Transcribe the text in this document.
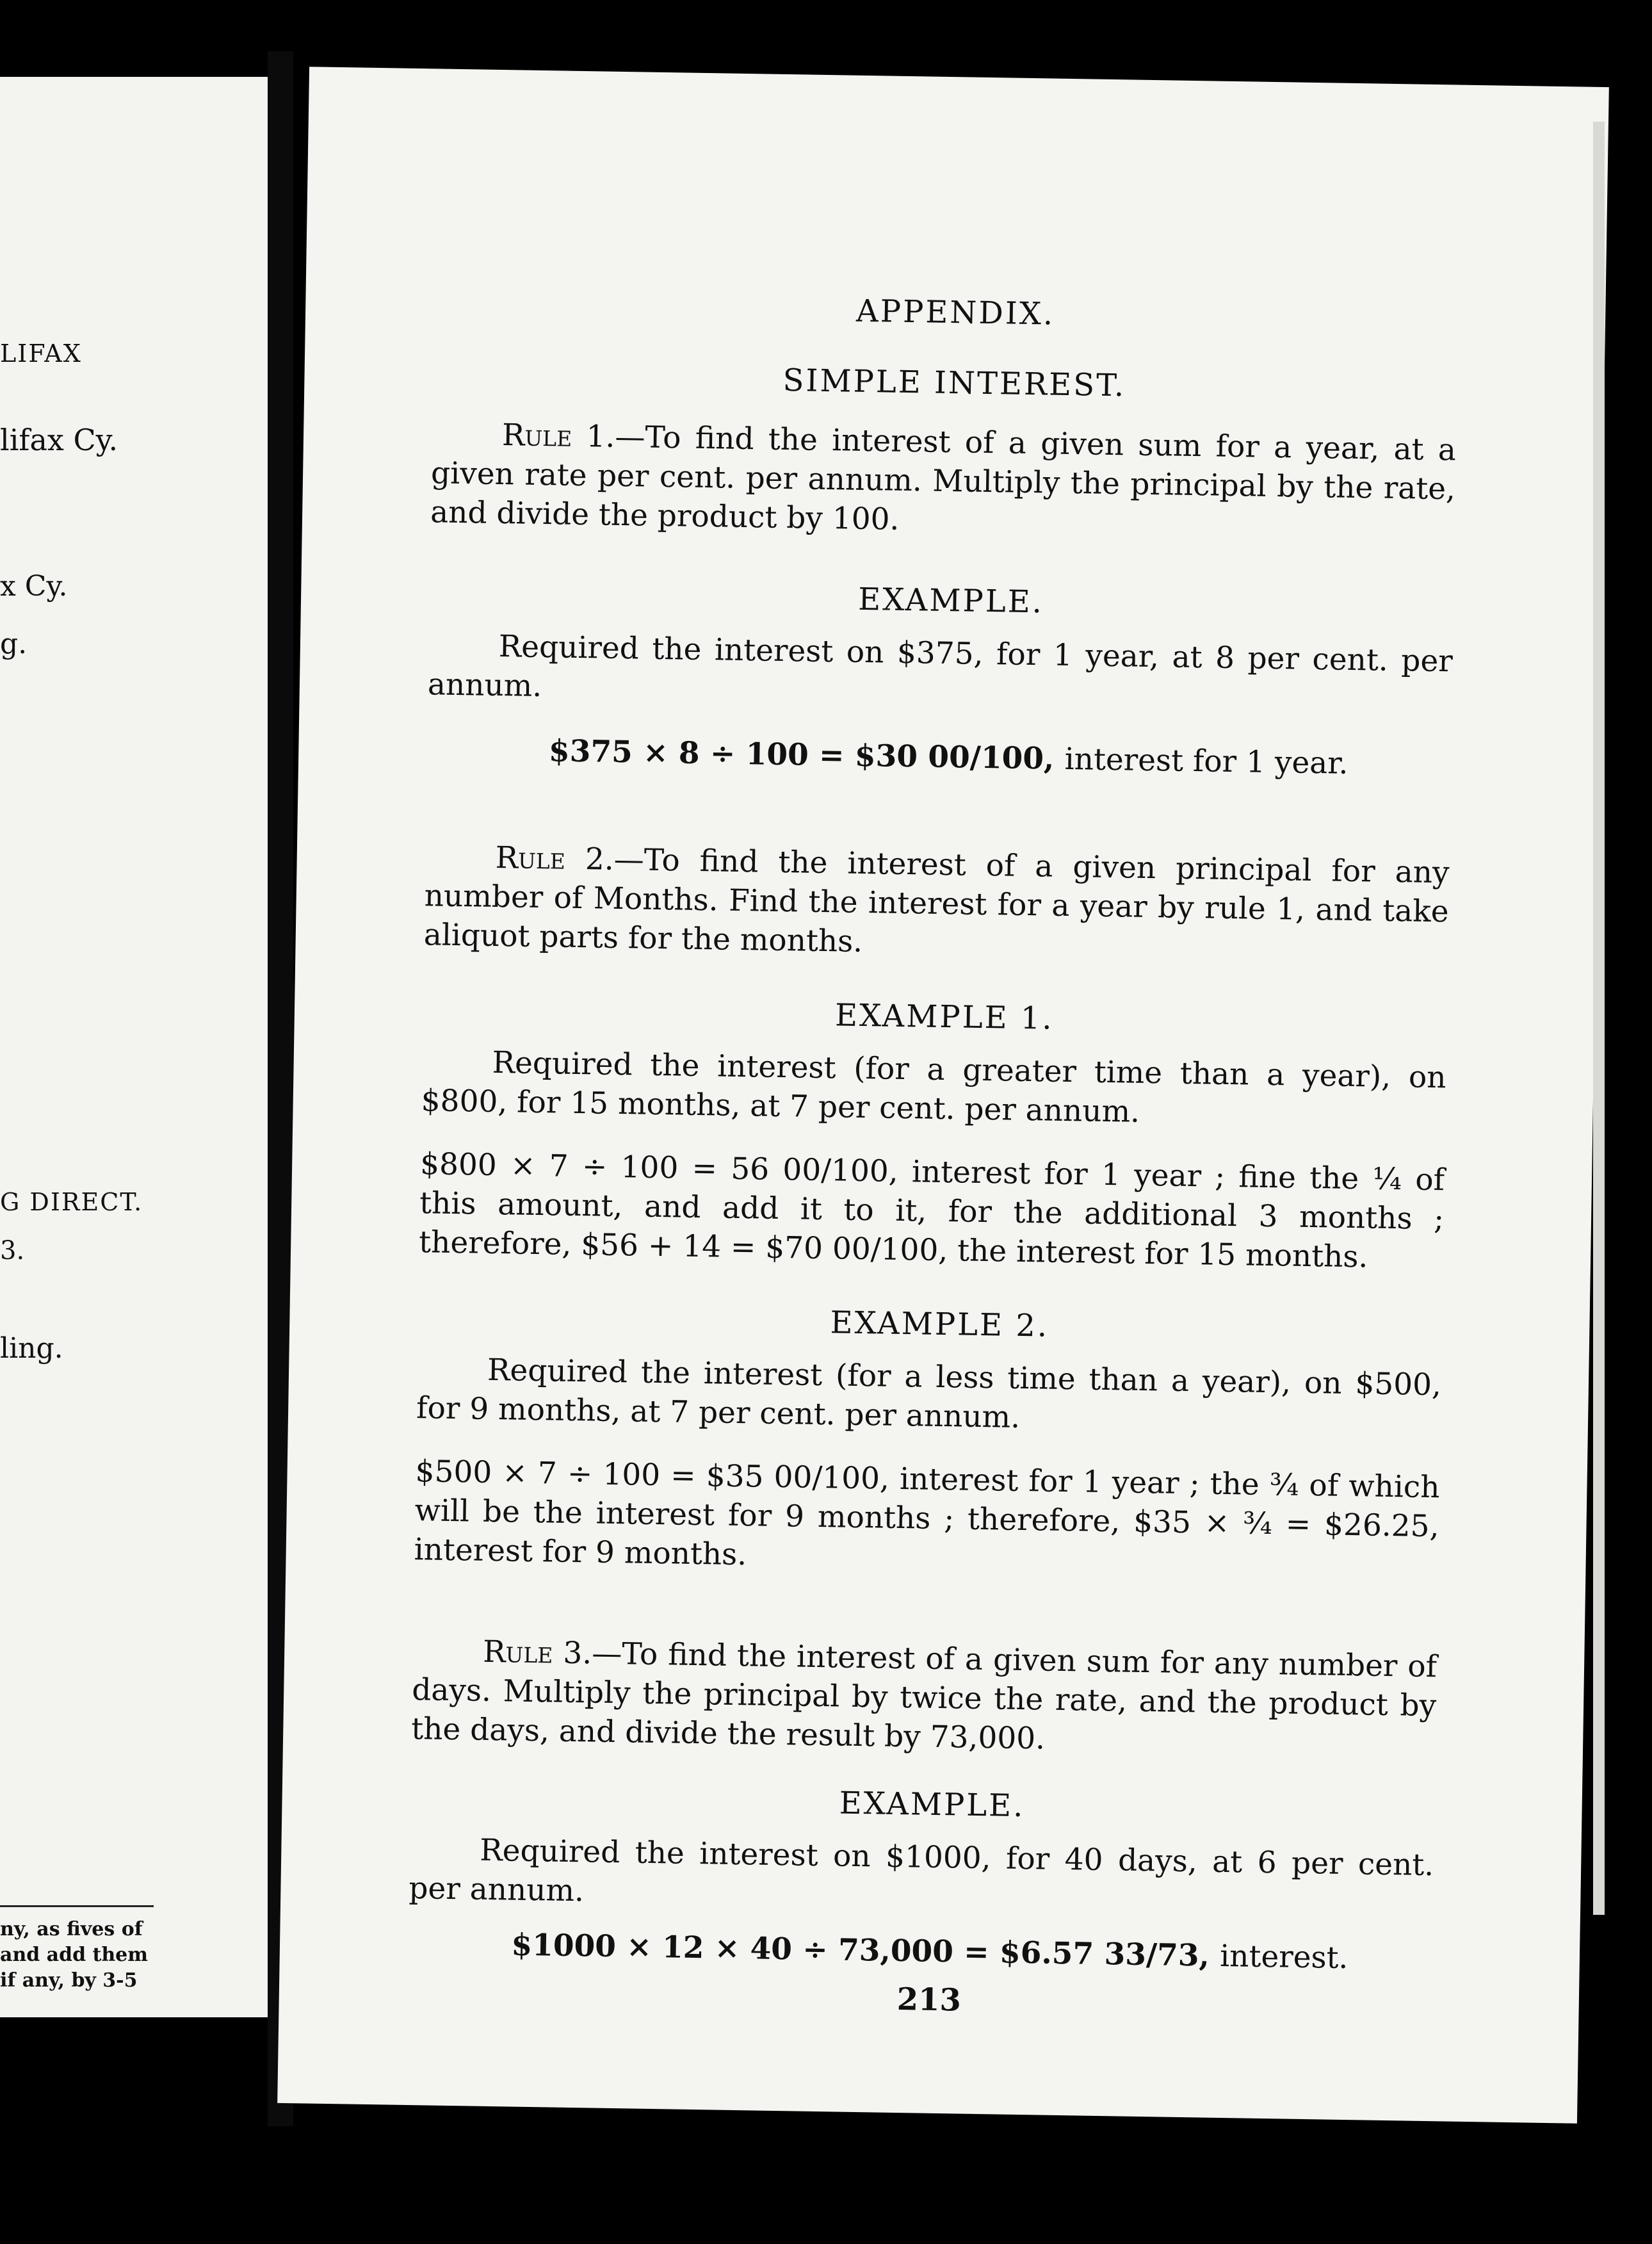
LIFAX
lifax Cy.
x Cy.
g.
G DIRECT.
3.
ling.
ny, as fives of
and add them
if any, by 3-5
APPENDIX.
SIMPLE INTEREST.
Rule 1.—To find the interest of a given sum for a year, at a given rate per cent. per annum. Multiply the principal by the rate, and divide the product by 100.
EXAMPLE.
Required the interest on $375, for 1 year, at 8 per cent. per annum.
$375 × 8 ÷ 100 = $30 00/100, interest for 1 year.
Rule 2.—To find the interest of a given principal for any number of Months. Find the interest for a year by rule 1, and take aliquot parts for the months.
EXAMPLE 1.
Required the interest (for a greater time than a year), on $800, for 15 months, at 7 per cent. per annum.
$800 × 7 ÷ 100 = 56 00/100, interest for 1 year ; fine the ¼ of this amount, and add it to it, for the additional 3 months ; therefore, $56 + 14 = $70 00/100, the interest for 15 months.
EXAMPLE 2.
Required the interest (for a less time than a year), on $500, for 9 months, at 7 per cent. per annum.
$500 × 7 ÷ 100 = $35 00/100, interest for 1 year ; the ¾ of which will be the interest for 9 months ; therefore, $35 × ¾ = $26.25, interest for 9 months.
Rule 3.—To find the interest of a given sum for any number of days. Multiply the principal by twice the rate, and the product by the days, and divide the result by 73,000.
EXAMPLE.
Required the interest on $1000, for 40 days, at 6 per cent. per annum.
$1000 × 12 × 40 ÷ 73,000 = $6.57 33/73, interest.
213
